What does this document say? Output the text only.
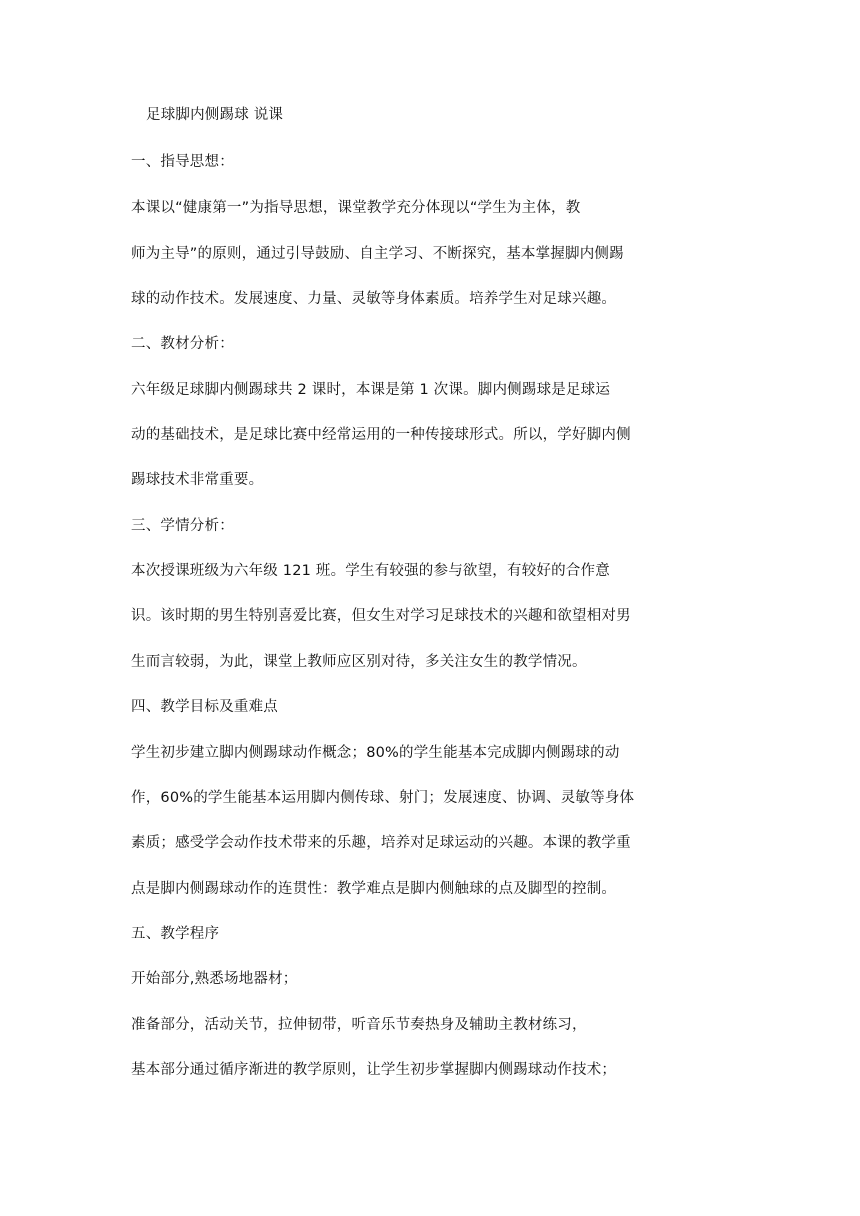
足球脚内侧踢球 说课
一、指导思想：
本课以“健康第一”为指导思想，课堂教学充分体现以“学生为主体，教
师为主导”的原则，通过引导鼓励、自主学习、不断探究，基本掌握脚内侧踢
球的动作技术。发展速度、力量、灵敏等身体素质。培养学生对足球兴趣。
二、教材分析：
六年级足球脚内侧踢球共 2 课时，本课是第 1 次课。脚内侧踢球是足球运
动的基础技术，是足球比赛中经常运用的一种传接球形式。所以，学好脚内侧
踢球技术非常重要。
三、学情分析：
本次授课班级为六年级 121 班。学生有较强的参与欲望，有较好的合作意
识。该时期的男生特别喜爱比赛，但女生对学习足球技术的兴趣和欲望相对男
生而言较弱，为此，课堂上教师应区别对待，多关注女生的教学情况。
四、教学目标及重难点
学生初步建立脚内侧踢球动作概念；80%的学生能基本完成脚内侧踢球的动
作，60%的学生能基本运用脚内侧传球、射门；发展速度、协调、灵敏等身体
素质；感受学会动作技术带来的乐趣，培养对足球运动的兴趣。本课的教学重
点是脚内侧踢球动作的连贯性：教学难点是脚内侧触球的点及脚型的控制。
五、教学程序
开始部分,熟悉场地器材；
准备部分，活动关节，拉伸韧带，听音乐节奏热身及辅助主教材练习，
基本部分通过循序渐进的教学原则，让学生初步掌握脚内侧踢球动作技术；
